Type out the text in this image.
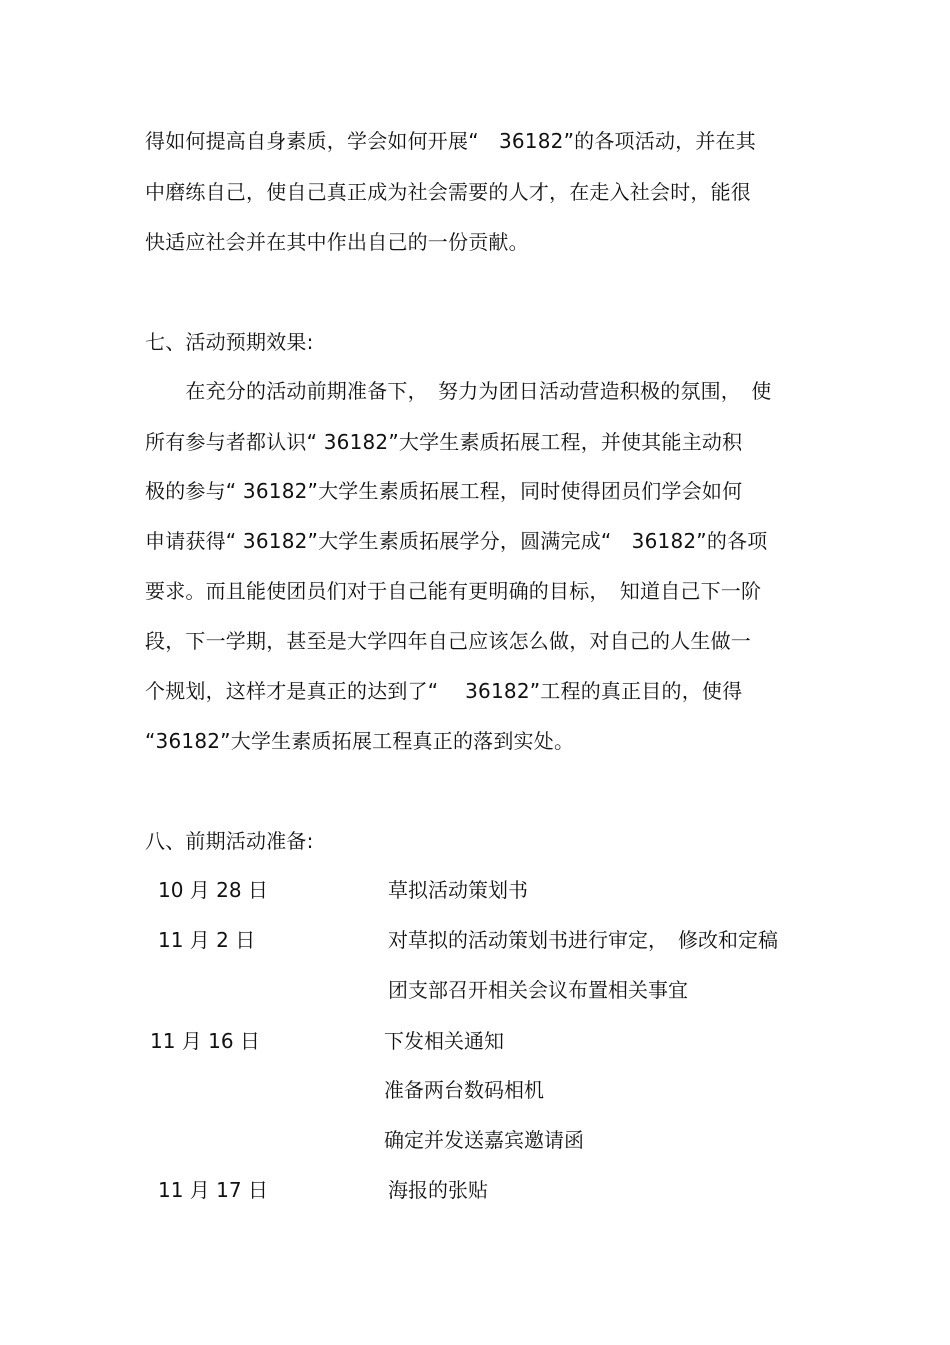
得如何提高自身素质，学会如何开展“　36182”的各项活动，并在其
中磨练自己，使自己真正成为社会需要的人才，在走入社会时，能很
快适应社会并在其中作出自己的一份贡献。
七、活动预期效果:
　　在充分的活动前期准备下，　努力为团日活动营造积极的氛围，　使
所有参与者都认识“ 36182”大学生素质拓展工程，并使其能主动积
极的参与“ 36182”大学生素质拓展工程，同时使得团员们学会如何
申请获得“ 36182”大学生素质拓展学分，圆满完成“　36182”的各项
要求。而且能使团员们对于自己能有更明确的目标，　知道自己下一阶
段，下一学期，甚至是大学四年自己应该怎么做，对自己的人生做一
个规划，这样才是真正的达到了“　 36182”工程的真正目的，使得
“36182”大学生素质拓展工程真正的落到实处。
八、前期活动准备:
10 月 28 日	草拟活动策划书
11 月 2 日	对草拟的活动策划书进行审定，　修改和定稿
团支部召开相关会议布置相关事宜
11 月 16 日	下发相关通知
准备两台数码相机
确定并发送嘉宾邀请函
11 月 17 日	海报的张贴
